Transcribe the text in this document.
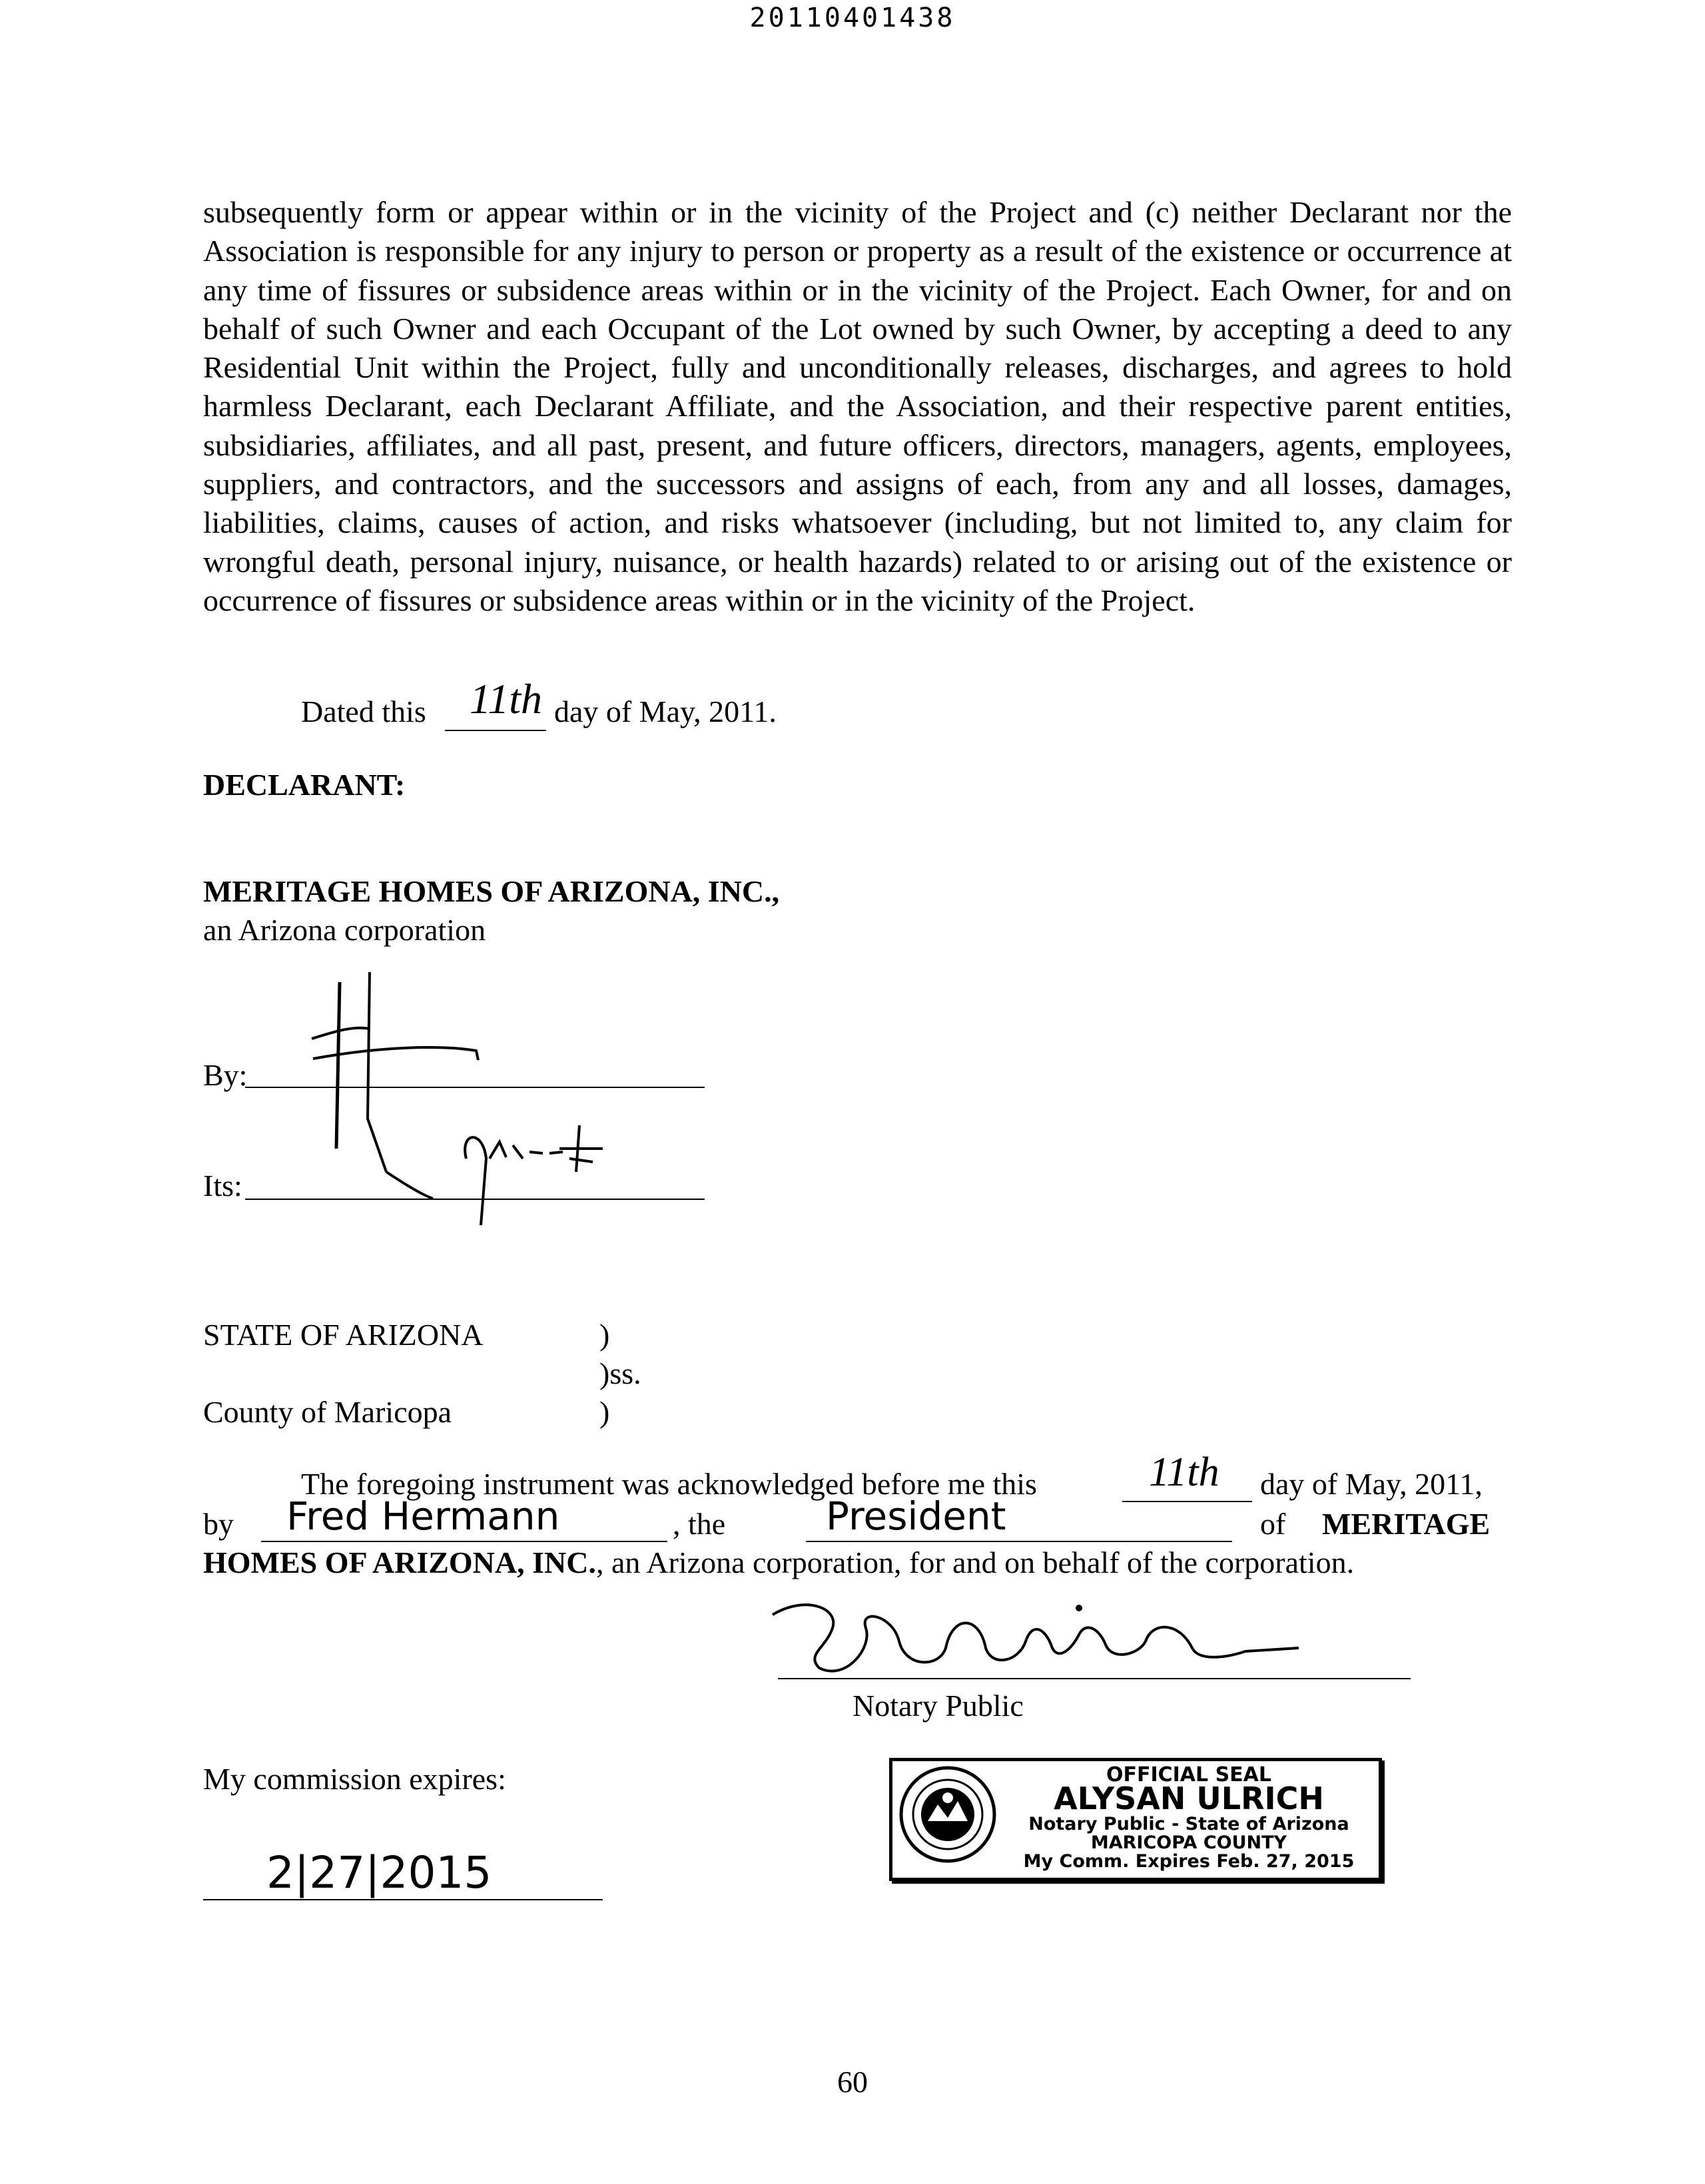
20110401438

subsequently form or appear within or in the vicinity of the Project and (c) neither Declarant nor the Association is responsible for any injury to person or property as a result of the existence or occurrence at any time of fissures or subsidence areas within or in the vicinity of the Project. Each Owner, for and on behalf of such Owner and each Occupant of the Lot owned by such Owner, by accepting a deed to any Residential Unit within the Project, fully and unconditionally releases, discharges, and agrees to hold harmless Declarant, each Declarant Affiliate, and the Association, and their respective parent entities, subsidiaries, affiliates, and all past, present, and future officers, directors, managers, agents, employees, suppliers, and contractors, and the successors and assigns of each, from any and all losses, damages, liabilities, claims, causes of action, and risks whatsoever (including, but not limited to, any claim for wrongful death, personal injury, nuisance, or health hazards) related to or arising out of the existence or occurrence of fissures or subsidence areas within or in the vicinity of the Project.

Dated this 11th day of May, 2011.
DECLARANT:
MERITAGE HOMES OF ARIZONA, INC.,
an Arizona corporation
By:
Its:
STATE OF ARIZONA	)
)ss.
County of Maricopa	)
The foregoing instrument was acknowledged before me this	11th day of May, 2011,
by Fred Hermann	, the	President	of MERITAGE
HOMES OF ARIZONA, INC., an Arizona corporation, for and on behalf of the corporation.
Notary Public
My commission expires:
2|27|2015
OFFICIAL SEAL
ALYSAN ULRICH
Notary Public - State of Arizona
MARICOPA COUNTY
My Comm. Expires Feb. 27, 2015
60
